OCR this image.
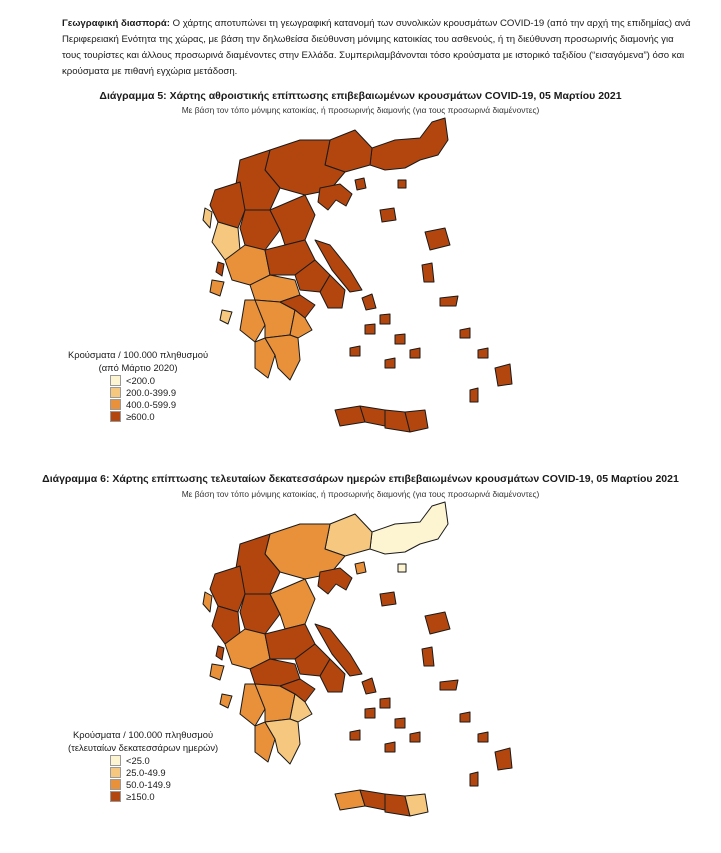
Γεωγραφική διασπορά: Ο χάρτης αποτυπώνει τη γεωγραφική κατανομή των συνολικών κρουσμάτων COVID-19 (από την αρχή της επιδημίας) ανά Περιφερειακή Ενότητα της χώρας, με βάση την δηλωθείσα διεύθυνση μόνιμης κατοικίας του ασθενούς, ή τη διεύθυνση προσωρινής διαμονής για τους τουρίστες και άλλους προσωρινά διαμένοντες στην Ελλάδα. Συμπεριλαμβάνονται τόσο κρούσματα με ιστορικό ταξιδίου (“εισαγόμενα”) όσο και κρούσματα με πιθανή εγχώρια μετάδοση.
Διάγραμμα 5: Χάρτης αθροιστικής επίπτωσης επιβεβαιωμένων κρουσμάτων COVID-19, 05 Μαρτίου 2021
Με βάση τον τόπο μόνιμης κατοικίας, ή προσωρινής διαμονής (για τους προσωρινά διαμένοντες)
Κρούσματα / 100.000 πληθυσμού
(από Μάρτιο 2020)
<200.0
200.0-399.9
400.0-599.9
≥600.0
Διάγραμμα 6: Χάρτης επίπτωσης τελευταίων δεκατεσσάρων ημερών επιβεβαιωμένων κρουσμάτων COVID-19, 05 Μαρτίου 2021
Με βάση τον τόπο μόνιμης κατοικίας, ή προσωρινής διαμονής (για τους προσωρινά διαμένοντες)
Κρούσματα / 100.000 πληθυσμού
(τελευταίων δεκατεσσάρων ημερών)
<25.0
25.0-49.9
50.0-149.9
≥150.0
